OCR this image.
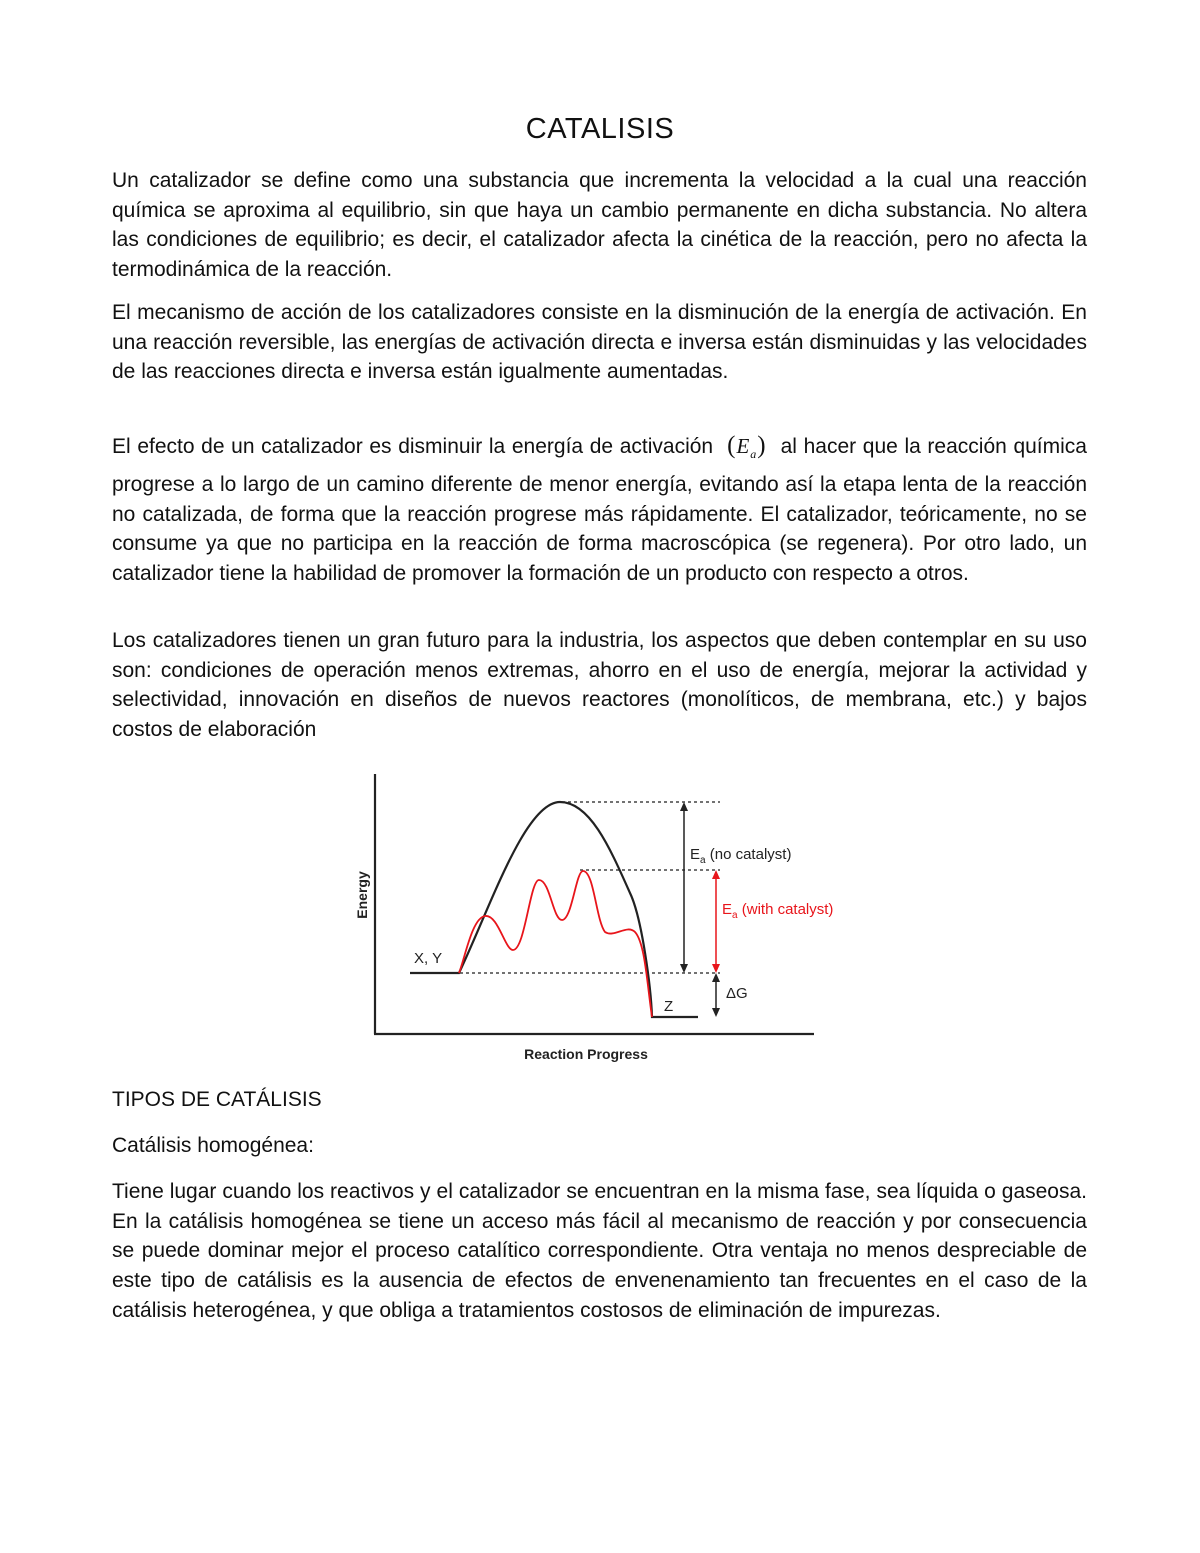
CATALISIS

Un catalizador se define como una substancia que incrementa la velocidad a la cual una reacción química se aproxima al equilibrio, sin que haya un cambio permanente en dicha substancia. No altera las condiciones de equilibrio; es decir, el catalizador afecta la cinética de la reacción, pero no afecta la termodinámica de la reacción.

El mecanismo de acción de los catalizadores consiste en la disminución de la energía de activación. En una reacción reversible, las energías de activación directa e inversa están disminuidas y las velocidades de las reacciones directa e inversa están igualmente aumentadas.

El efecto de un catalizador es disminuir la energía de activación $(E_a)$ al hacer que la reacción química progrese a lo largo de un camino diferente de menor energía, evitando así la etapa lenta de la reacción no catalizada, de forma que la reacción progrese más rápidamente. El catalizador, teóricamente, no se consume ya que no participa en la reacción de forma macroscópica (se regenera). Por otro lado, un catalizador tiene la habilidad de promover la formación de un producto con respecto a otros.

Los catalizadores tienen un gran futuro para la industria, los aspectos que deben contemplar en su uso son: condiciones de operación menos extremas, ahorro en el uso de energía, mejorar la actividad y selectividad, innovación en diseños de nuevos reactores (monolíticos, de membrana, etc.) y bajos costos de elaboración

Energy
Reaction Progress
X, Y
Z
$E_a$ (no catalyst)
$E_a$ (with catalyst)
ΔG

TIPOS DE CATÁLISIS

Catálisis homogénea:

Tiene lugar cuando los reactivos y el catalizador se encuentran en la misma fase, sea líquida o gaseosa. En la catálisis homogénea se tiene un acceso más fácil al mecanismo de reacción y por consecuencia se puede dominar mejor el proceso catalítico correspondiente. Otra ventaja no menos despreciable de este tipo de catálisis es la ausencia de efectos de envenenamiento tan frecuentes en el caso de la catálisis heterogénea, y que obliga a tratamientos costosos de eliminación de impurezas.
